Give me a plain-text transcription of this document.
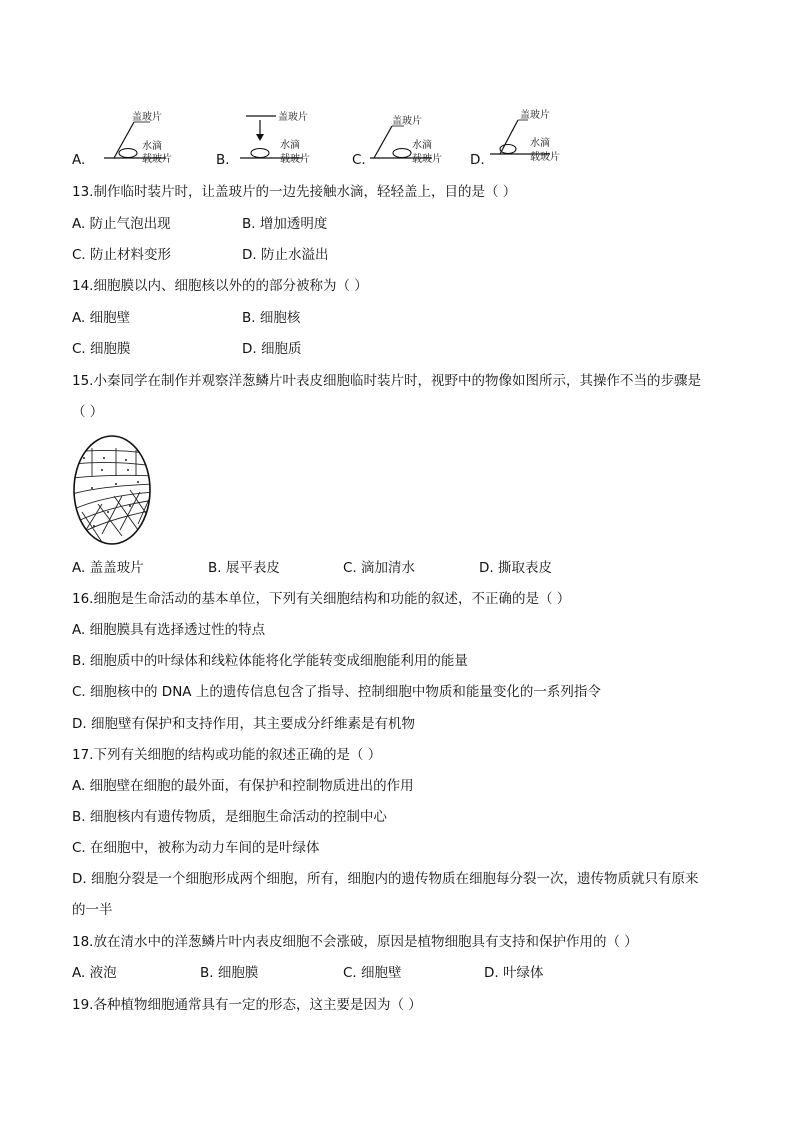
A.
盖玻片
水滴
载玻片	B.
盖玻片
水滴
载玻片	C.
盖玻片
水滴
载玻片 D.
盖玻片
水滴
载玻片
13.制作临时装片时，让盖玻片的一边先接触水滴，轻轻盖上，目的是（ ）
A. 防止气泡出现	B. 增加透明度
C. 防止材料变形	D. 防止水溢出
14.细胞膜以内、细胞核以外的的部分被称为（ ）
A. 细胞壁	B. 细胞核
C. 细胞膜	D. 细胞质
15.小秦同学在制作并观察洋葱鳞片叶表皮细胞临时装片时，视野中的物像如图所示，其操作不当的步骤是
（ ）
A. 盖盖玻片	B. 展平表皮	C. 滴加清水	D. 撕取表皮
16.细胞是生命活动的基本单位，下列有关细胞结构和功能的叙述，不正确的是（ ）
A. 细胞膜具有选择透过性的特点
B. 细胞质中的叶绿体和线粒体能将化学能转变成细胞能利用的能量
C. 细胞核中的 DNA 上的遗传信息包含了指导、控制细胞中物质和能量变化的一系列指令
D. 细胞壁有保护和支持作用，其主要成分纤维素是有机物
17.下列有关细胞的结构或功能的叙述正确的是（ ）
A. 细胞壁在细胞的最外面，有保护和控制物质进出的作用
B. 细胞核内有遗传物质，是细胞生命活动的控制中心
C. 在细胞中，被称为动力车间的是叶绿体
D. 细胞分裂是一个细胞形成两个细胞，所有，细胞内的遗传物质在细胞每分裂一次，遗传物质就只有原来
的一半
18.放在清水中的洋葱鳞片叶内表皮细胞不会涨破，原因是植物细胞具有支持和保护作用的（ ）
A. 液泡	B. 细胞膜	C. 细胞壁	D. 叶绿体
19.各种植物细胞通常具有一定的形态，这主要是因为（ ）
